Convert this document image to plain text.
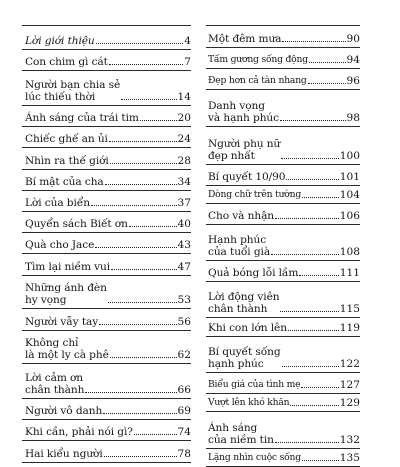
Lời giới thiệu	4
Con chim gì cát	7
Người bạn chia sẻ
lúc thiếu thời	14
Ánh sáng của trái tim	20
Chiếc ghế an ủi	24
Nhìn ra thế giới	28
Bí mật của cha	34
Lời của biển	37
Quyển sách Biết ơn	40
Quà cho Jace	43
Tìm lại niềm vui	47
Những ánh đèn
hy vọng	53
Người vẫy tay	56
Không chỉ
là một ly cà phê	62
Lời cảm ơn
chân thành	66
Người vô danh	69
Khi cần, phải nói gì?	74
Hai kiểu người	78
Một đêm mưa	90
Tấm gương sống động	94
Đẹp hơn cả tàn nhang	96
Danh vọng
và hạnh phúc	98
Người phụ nữ
đẹp nhất	100
Bí quyết 10/90	101
Dòng chữ trên tường	104
Cho và nhận	106
Hạnh phúc
của tuổi già	108
Quả bóng lỗi lầm	111
Lời động viên
chân thành	115
Khi con lớn lên	119
Bí quyết sống
hạnh phúc	122
Biểu giá của tình mẹ	127
Vượt lên khó khăn	129
Ánh sáng
của niềm tin	132
Lặng nhìn cuộc sống	135
